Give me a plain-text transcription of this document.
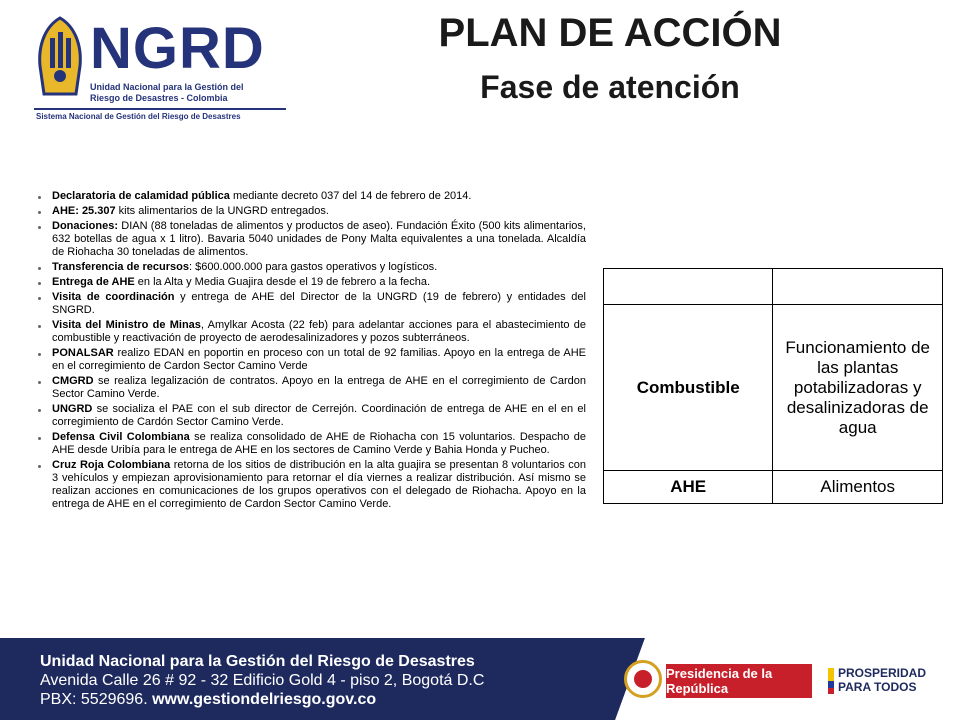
NGRD
Unidad Nacional para la Gestión del
Riesgo de Desastres - Colombia
Sistema Nacional de Gestión del Riesgo de Desastres
PLAN DE ACCIÓN
Fase de atención
Declaratoria de calamidad pública mediante decreto 037 del 14 de febrero de 2014.
AHE: 25.307 kits alimentarios de la UNGRD entregados.
Donaciones: DIAN (88 toneladas de alimentos y productos de aseo). Fundación Éxito (500 kits alimentarios, 632 botellas de agua x 1 litro). Bavaria 5040 unidades de Pony Malta equivalentes a una tonelada. Alcaldía de Riohacha 30 toneladas de alimentos.
Transferencia de recursos: $600.000.000 para gastos operativos y logísticos.
Entrega de AHE en la Alta y Media Guajira desde el 19 de febrero a la fecha.
Visita de coordinación y entrega de AHE del Director de la UNGRD (19 de febrero) y entidades del SNGRD.
Visita del Ministro de Minas, Amylkar Acosta (22 feb) para adelantar acciones para el abastecimiento de combustible y reactivación de proyecto de aerodesalinizadores y pozos subterráneos.
PONALSAR realizo EDAN en poportin en proceso con un total de 92 familias. Apoyo en la entrega de AHE en el corregimiento de Cardon Sector Camino Verde
CMGRD se realiza legalización de contratos. Apoyo en la entrega de AHE en el corregimiento de Cardon Sector Camino Verde.
UNGRD se socializa el PAE con el sub director de Cerrejón. Coordinación de entrega de AHE en el en el corregimiento de Cardón Sector Camino Verde.
Defensa Civil Colombiana se realiza consolidado de AHE de Riohacha con 15 voluntarios. Despacho de AHE desde Uribía para le entrega de AHE en los sectores de Camino Verde y Bahia Honda y Pucheo.
Cruz Roja Colombiana retorna de los sitios de distribución en la alta guajira se presentan 8 voluntarios con 3 vehículos y empiezan aprovisionamiento para retornar el día viernes a realizar distribución. Así mismo se realizan acciones en comunicaciones de los grupos operativos con el delegado de Riohacha. Apoyo en la entrega de AHE en el corregimiento de Cardon Sector Camino Verde.

Combustible	Funcionamiento de las plantas potabilizadoras y desalinizadoras de agua
AHE	Alimentos
Unidad Nacional para la Gestión del Riesgo de Desastres
Avenida Calle 26 # 92 - 32 Edificio Gold 4 - piso 2, Bogotá D.C
PBX: 5529696. www.gestiondelriesgo.gov.co
Presidencia de la República
PROSPERIDAD
PARA TODOS
